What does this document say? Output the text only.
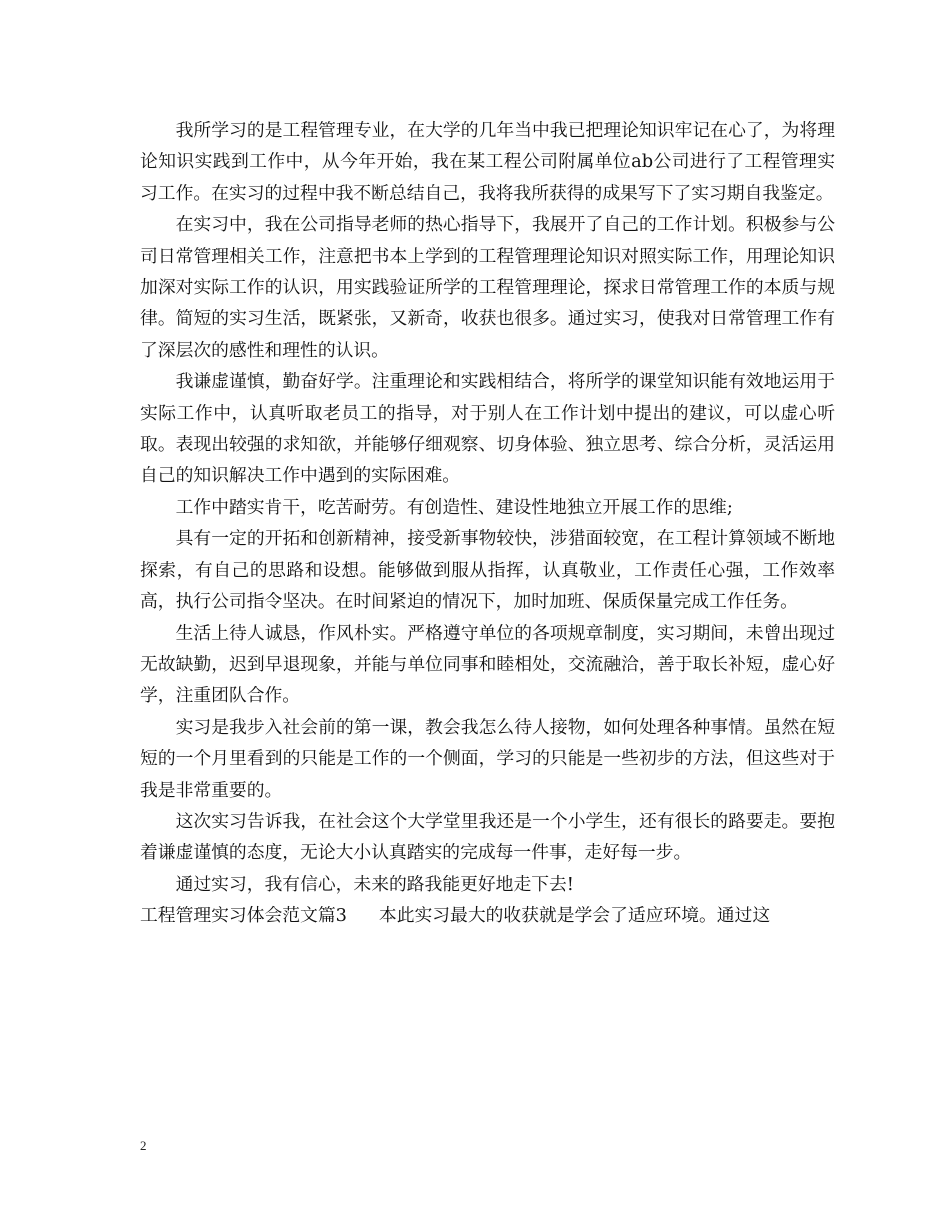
我所学习的是工程管理专业，在大学的几年当中我已把理论知识牢记在心了，为将理论知识实践到工作中，从今年开始，我在某工程公司附属单位ab公司进行了工程管理实习工作。在实习的过程中我不断总结自己，我将我所获得的成果写下了实习期自我鉴定。

在实习中，我在公司指导老师的热心指导下，我展开了自己的工作计划。积极参与公司日常管理相关工作，注意把书本上学到的工程管理理论知识对照实际工作，用理论知识加深对实际工作的认识，用实践验证所学的工程管理理论，探求日常管理工作的本质与规律。简短的实习生活，既紧张，又新奇，收获也很多。通过实习，使我对日常管理工作有了深层次的感性和理性的认识。

我谦虚谨慎，勤奋好学。注重理论和实践相结合，将所学的课堂知识能有效地运用于实际工作中，认真听取老员工的指导，对于别人在工作计划中提出的建议，可以虚心听取。表现出较强的求知欲，并能够仔细观察、切身体验、独立思考、综合分析，灵活运用自己的知识解决工作中遇到的实际困难。

工作中踏实肯干，吃苦耐劳。有创造性、建设性地独立开展工作的思维;

具有一定的开拓和创新精神，接受新事物较快，涉猎面较宽，在工程计算领域不断地探索，有自己的思路和设想。能够做到服从指挥，认真敬业，工作责任心强，工作效率高，执行公司指令坚决。在时间紧迫的情况下，加时加班、保质保量完成工作任务。

生活上待人诚恳，作风朴实。严格遵守单位的各项规章制度，实习期间，未曾出现过无故缺勤，迟到早退现象，并能与单位同事和睦相处，交流融洽，善于取长补短，虚心好学，注重团队合作。

实习是我步入社会前的第一课，教会我怎么待人接物，如何处理各种事情。虽然在短短的一个月里看到的只能是工作的一个侧面，学习的只能是一些初步的方法，但这些对于我是非常重要的。

这次实习告诉我，在社会这个大学堂里我还是一个小学生，还有很长的路要走。要抱着谦虚谨慎的态度，无论大小认真踏实的完成每一件事，走好每一步。

通过实习，我有信心，未来的路我能更好地走下去!

工程管理实习体会范文篇3 本此实习最大的收获就是学会了适应环境。通过这

2
